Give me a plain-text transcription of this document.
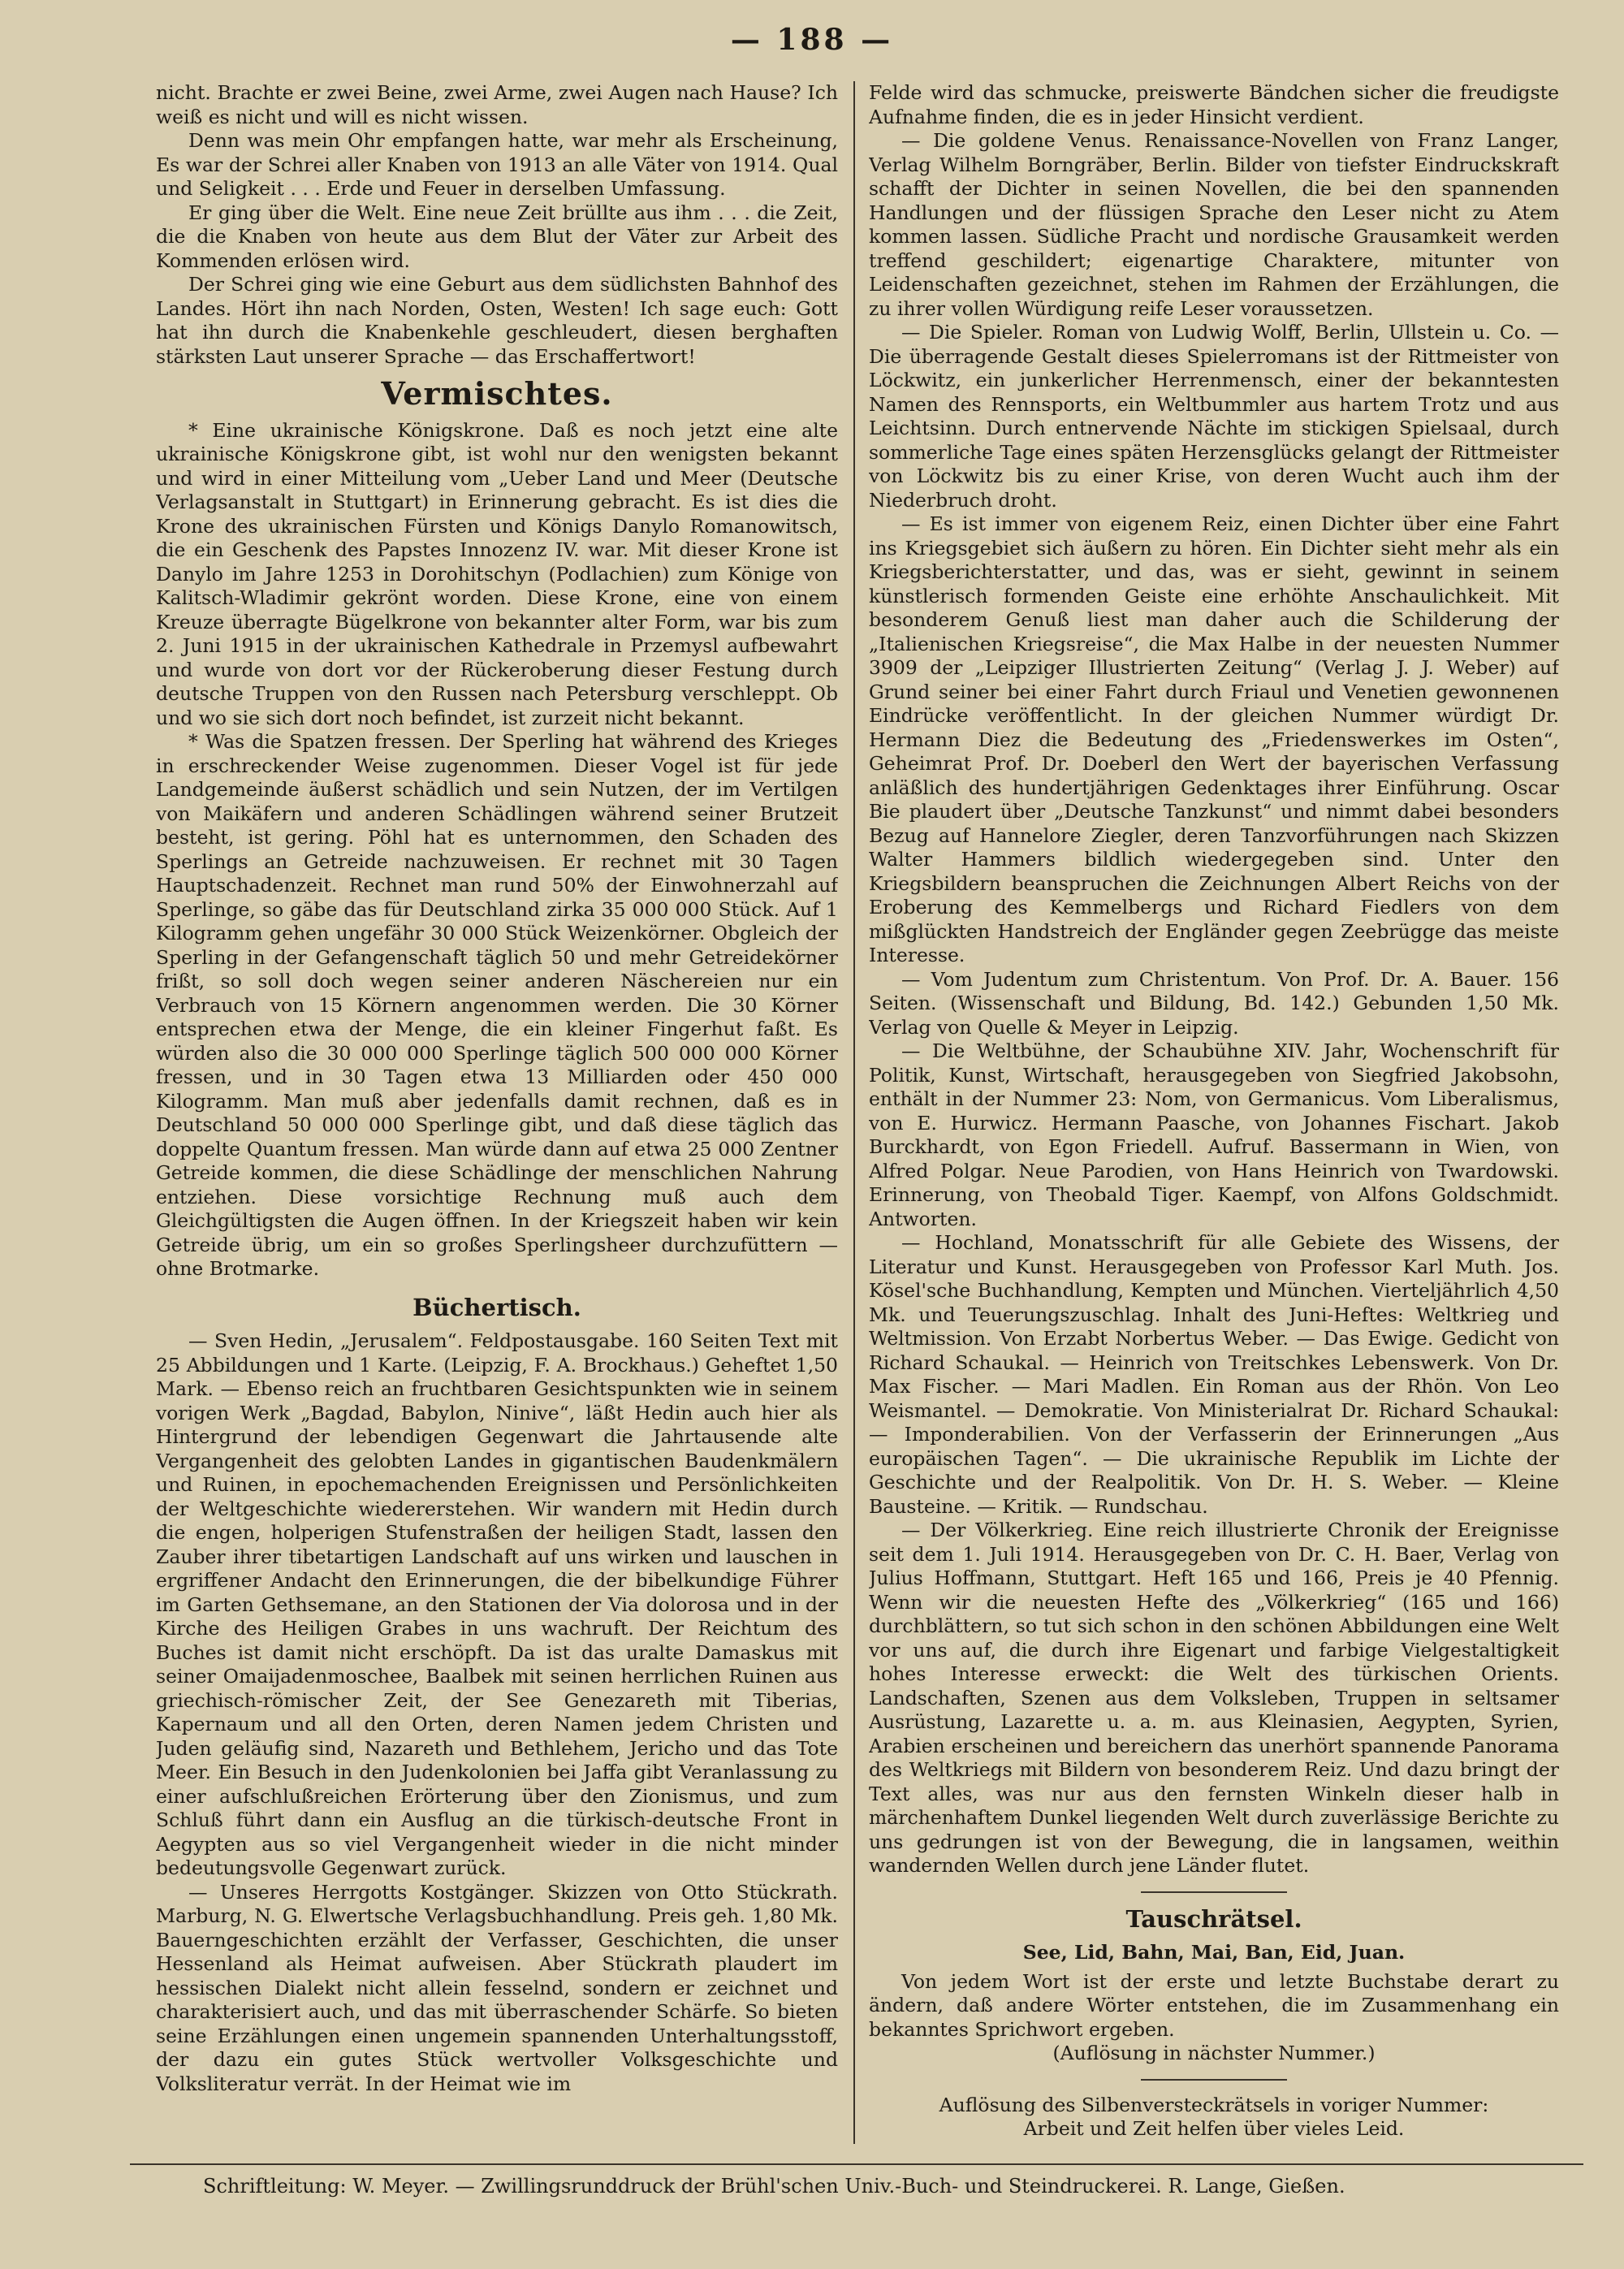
— 188 —

nicht. Brachte er zwei Beine, zwei Arme, zwei Augen nach Hause? Ich weiß es nicht und will es nicht wissen.

Denn was mein Ohr empfangen hatte, war mehr als Erscheinung, Es war der Schrei aller Knaben von 1913 an alle Väter von 1914. Qual und Seligkeit . . . Erde und Feuer in derselben Umfassung.

Er ging über die Welt. Eine neue Zeit brüllte aus ihm . . . die Zeit, die die Knaben von heute aus dem Blut der Väter zur Arbeit des Kommenden erlösen wird.

Der Schrei ging wie eine Geburt aus dem südlichsten Bahnhof des Landes. Hört ihn nach Norden, Osten, Westen! Ich sage euch: Gott hat ihn durch die Knabenkehle geschleudert, diesen berghaften stärksten Laut unserer Sprache — das Erschaffertwort!

Vermischtes.

* Eine ukrainische Königskrone. Daß es noch jetzt eine alte ukrainische Königskrone gibt, ist wohl nur den wenigsten bekannt und wird in einer Mitteilung vom „Ueber Land und Meer (Deutsche Verlagsanstalt in Stuttgart) in Erinnerung gebracht. Es ist dies die Krone des ukrainischen Fürsten und Königs Danylo Romanowitsch, die ein Geschenk des Papstes Innozenz IV. war. Mit dieser Krone ist Danylo im Jahre 1253 in Dorohitschyn (Podlachien) zum Könige von Kalitsch-Wladimir gekrönt worden. Diese Krone, eine von einem Kreuze überragte Bügelkrone von bekannter alter Form, war bis zum 2. Juni 1915 in der ukrainischen Kathedrale in Przemysl aufbewahrt und wurde von dort vor der Rückeroberung dieser Festung durch deutsche Truppen von den Russen nach Petersburg verschleppt. Ob und wo sie sich dort noch befindet, ist zurzeit nicht bekannt.

* Was die Spatzen fressen. Der Sperling hat während des Krieges in erschreckender Weise zugenommen. Dieser Vogel ist für jede Landgemeinde äußerst schädlich und sein Nutzen, der im Vertilgen von Maikäfern und anderen Schädlingen während seiner Brutzeit besteht, ist gering. Pöhl hat es unternommen, den Schaden des Sperlings an Getreide nachzuweisen. Er rechnet mit 30 Tagen Hauptschadenzeit. Rechnet man rund 50% der Einwohnerzahl auf Sperlinge, so gäbe das für Deutschland zirka 35 000 000 Stück. Auf 1 Kilogramm gehen ungefähr 30 000 Stück Weizenkörner. Obgleich der Sperling in der Gefangenschaft täglich 50 und mehr Getreidekörner frißt, so soll doch wegen seiner anderen Näschereien nur ein Verbrauch von 15 Körnern angenommen werden. Die 30 Körner entsprechen etwa der Menge, die ein kleiner Fingerhut faßt. Es würden also die 30 000 000 Sperlinge täglich 500 000 000 Körner fressen, und in 30 Tagen etwa 13 Milliarden oder 450 000 Kilogramm. Man muß aber jedenfalls damit rechnen, daß es in Deutschland 50 000 000 Sperlinge gibt, und daß diese täglich das doppelte Quantum fressen. Man würde dann auf etwa 25 000 Zentner Getreide kommen, die diese Schädlinge der menschlichen Nahrung entziehen. Diese vorsichtige Rechnung muß auch dem Gleichgültigsten die Augen öffnen. In der Kriegszeit haben wir kein Getreide übrig, um ein so großes Sperlingsheer durchzufüttern — ohne Brotmarke.

Büchertisch.

— Sven Hedin, „Jerusalem“. Feldpostausgabe. 160 Seiten Text mit 25 Abbildungen und 1 Karte. (Leipzig, F. A. Brockhaus.) Geheftet 1,50 Mark. — Ebenso reich an fruchtbaren Gesichtspunkten wie in seinem vorigen Werk „Bagdad, Babylon, Ninive“, läßt Hedin auch hier als Hintergrund der lebendigen Gegenwart die Jahrtausende alte Vergangenheit des gelobten Landes in gigantischen Baudenkmälern und Ruinen, in epochemachenden Ereignissen und Persönlichkeiten der Weltgeschichte wiedererstehen. Wir wandern mit Hedin durch die engen, holperigen Stufenstraßen der heiligen Stadt, lassen den Zauber ihrer tibetartigen Landschaft auf uns wirken und lauschen in ergriffener Andacht den Erinnerungen, die der bibelkundige Führer im Garten Gethsemane, an den Stationen der Via dolorosa und in der Kirche des Heiligen Grabes in uns wachruft. Der Reichtum des Buches ist damit nicht erschöpft. Da ist das uralte Damaskus mit seiner Omaijadenmoschee, Baalbek mit seinen herrlichen Ruinen aus griechisch-römischer Zeit, der See Genezareth mit Tiberias, Kapernaum und all den Orten, deren Namen jedem Christen und Juden geläufig sind, Nazareth und Bethlehem, Jericho und das Tote Meer. Ein Besuch in den Judenkolonien bei Jaffa gibt Veranlassung zu einer aufschlußreichen Erörterung über den Zionismus, und zum Schluß führt dann ein Ausflug an die türkisch-deutsche Front in Aegypten aus so viel Vergangenheit wieder in die nicht minder bedeutungsvolle Gegenwart zurück.

— Unseres Herrgotts Kostgänger. Skizzen von Otto Stückrath. Marburg, N. G. Elwertsche Verlagsbuchhandlung. Preis geh. 1,80 Mk. Bauerngeschichten erzählt der Verfasser, Geschichten, die unser Hessenland als Heimat aufweisen. Aber Stückrath plaudert im hessischen Dialekt nicht allein fesselnd, sondern er zeichnet und charakterisiert auch, und das mit überraschender Schärfe. So bieten seine Erzählungen einen ungemein spannenden Unterhaltungsstoff, der dazu ein gutes Stück wertvoller Volksgeschichte und Volksliteratur verrät. In der Heimat wie im

Felde wird das schmucke, preiswerte Bändchen sicher die freudigste Aufnahme finden, die es in jeder Hinsicht verdient.

— Die goldene Venus. Renaissance-Novellen von Franz Langer, Verlag Wilhelm Borngräber, Berlin. Bilder von tiefster Eindruckskraft schafft der Dichter in seinen Novellen, die bei den spannenden Handlungen und der flüssigen Sprache den Leser nicht zu Atem kommen lassen. Südliche Pracht und nordische Grausamkeit werden treffend geschildert; eigenartige Charaktere, mitunter von Leidenschaften gezeichnet, stehen im Rahmen der Erzählungen, die zu ihrer vollen Würdigung reife Leser voraussetzen.

— Die Spieler. Roman von Ludwig Wolff, Berlin, Ullstein u. Co. — Die überragende Gestalt dieses Spielerromans ist der Rittmeister von Löckwitz, ein junkerlicher Herrenmensch, einer der bekanntesten Namen des Rennsports, ein Weltbummler aus hartem Trotz und aus Leichtsinn. Durch entnervende Nächte im stickigen Spielsaal, durch sommerliche Tage eines späten Herzensglücks gelangt der Rittmeister von Löckwitz bis zu einer Krise, von deren Wucht auch ihm der Niederbruch droht.

— Es ist immer von eigenem Reiz, einen Dichter über eine Fahrt ins Kriegsgebiet sich äußern zu hören. Ein Dichter sieht mehr als ein Kriegsberichterstatter, und das, was er sieht, gewinnt in seinem künstlerisch formenden Geiste eine erhöhte Anschaulichkeit. Mit besonderem Genuß liest man daher auch die Schilderung der „Italienischen Kriegsreise“, die Max Halbe in der neuesten Nummer 3909 der „Leipziger Illustrierten Zeitung“ (Verlag J. J. Weber) auf Grund seiner bei einer Fahrt durch Friaul und Venetien gewonnenen Eindrücke veröffentlicht. In der gleichen Nummer würdigt Dr. Hermann Diez die Bedeutung des „Friedenswerkes im Osten“, Geheimrat Prof. Dr. Doeberl den Wert der bayerischen Verfassung anläßlich des hundertjährigen Gedenktages ihrer Einführung. Oscar Bie plaudert über „Deutsche Tanzkunst“ und nimmt dabei besonders Bezug auf Hannelore Ziegler, deren Tanzvorführungen nach Skizzen Walter Hammers bildlich wiedergegeben sind. Unter den Kriegsbildern beanspruchen die Zeichnungen Albert Reichs von der Eroberung des Kemmelbergs und Richard Fiedlers von dem mißglückten Handstreich der Engländer gegen Zeebrügge das meiste Interesse.

— Vom Judentum zum Christentum. Von Prof. Dr. A. Bauer. 156 Seiten. (Wissenschaft und Bildung, Bd. 142.) Gebunden 1,50 Mk. Verlag von Quelle & Meyer in Leipzig.

— Die Weltbühne, der Schaubühne XIV. Jahr, Wochenschrift für Politik, Kunst, Wirtschaft, herausgegeben von Siegfried Jakobsohn, enthält in der Nummer 23: Nom, von Germanicus. Vom Liberalismus, von E. Hurwicz. Hermann Paasche, von Johannes Fischart. Jakob Burckhardt, von Egon Friedell. Aufruf. Bassermann in Wien, von Alfred Polgar. Neue Parodien, von Hans Heinrich von Twardowski. Erinnerung, von Theobald Tiger. Kaempf, von Alfons Goldschmidt. Antworten.

— Hochland, Monatsschrift für alle Gebiete des Wissens, der Literatur und Kunst. Herausgegeben von Professor Karl Muth. Jos. Kösel'sche Buchhandlung, Kempten und München. Vierteljährlich 4,50 Mk. und Teuerungszuschlag. Inhalt des Juni-Heftes: Weltkrieg und Weltmission. Von Erzabt Norbertus Weber. — Das Ewige. Gedicht von Richard Schaukal. — Heinrich von Treitschkes Lebenswerk. Von Dr. Max Fischer. — Mari Madlen. Ein Roman aus der Rhön. Von Leo Weismantel. — Demokratie. Von Ministerialrat Dr. Richard Schaukal: — Imponderabilien. Von der Verfasserin der Erinnerungen „Aus europäischen Tagen“. — Die ukrainische Republik im Lichte der Geschichte und der Realpolitik. Von Dr. H. S. Weber. — Kleine Bausteine. — Kritik. — Rundschau.

— Der Völkerkrieg. Eine reich illustrierte Chronik der Ereignisse seit dem 1. Juli 1914. Herausgegeben von Dr. C. H. Baer, Verlag von Julius Hoffmann, Stuttgart. Heft 165 und 166, Preis je 40 Pfennig. Wenn wir die neuesten Hefte des „Völkerkrieg“ (165 und 166) durchblättern, so tut sich schon in den schönen Abbildungen eine Welt vor uns auf, die durch ihre Eigenart und farbige Vielgestaltigkeit hohes Interesse erweckt: die Welt des türkischen Orients. Landschaften, Szenen aus dem Volksleben, Truppen in seltsamer Ausrüstung, Lazarette u. a. m. aus Kleinasien, Aegypten, Syrien, Arabien erscheinen und bereichern das unerhört spannende Panorama des Weltkriegs mit Bildern von besonderem Reiz. Und dazu bringt der Text alles, was nur aus den fernsten Winkeln dieser halb in märchenhaftem Dunkel liegenden Welt durch zuverlässige Berichte zu uns gedrungen ist von der Bewegung, die in langsamen, weithin wandernden Wellen durch jene Länder flutet.

Tauschrätsel.
See, Lid, Bahn, Mai, Ban, Eid, Juan.

Von jedem Wort ist der erste und letzte Buchstabe derart zu ändern, daß andere Wörter entstehen, die im Zusammenhang ein bekanntes Sprichwort ergeben.

(Auflösung in nächster Nummer.)

Auflösung des Silbenversteckrätsels in voriger Nummer:

Arbeit und Zeit helfen über vieles Leid.

Schriftleitung: W. Meyer. — Zwillingsrunddruck der Brühl'schen Univ.-Buch- und Steindruckerei. R. Lange, Gießen.
